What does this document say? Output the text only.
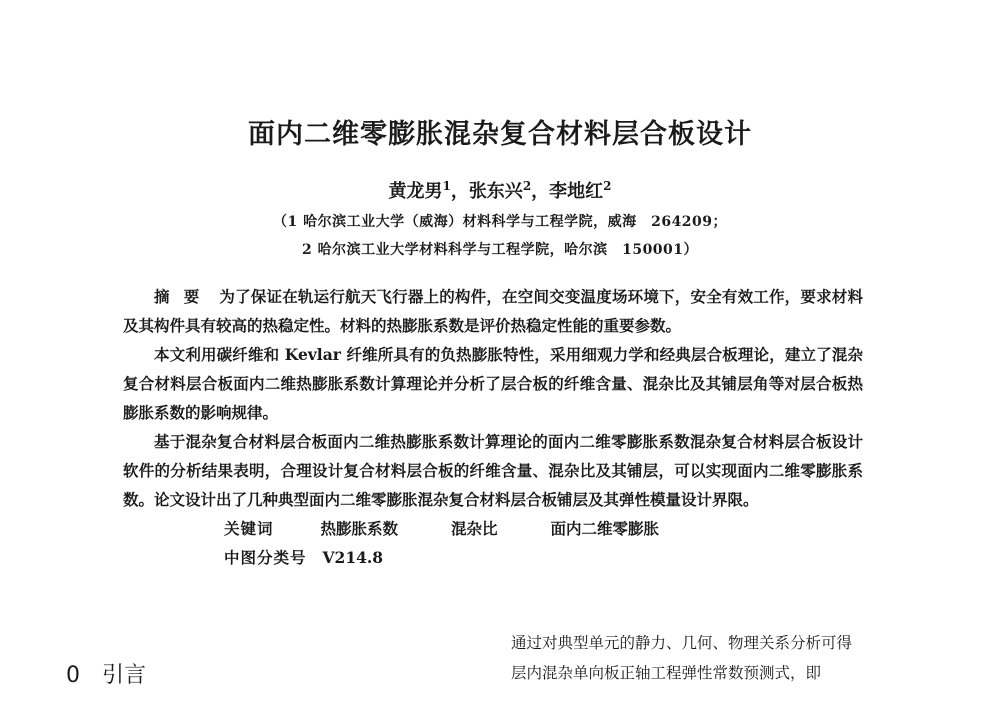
面内二维零膨胀混杂复合材料层合板设计
黄龙男$^1$，张东兴$^2$，李地红$^2$
（1 哈尔滨工业大学（威海）材料科学与工程学院，威海　264209；
2 哈尔滨工业大学材料科学与工程学院，哈尔滨　150001）

摘要 为了保证在轨运行航天飞行器上的构件，在空间交变温度场环境下，安全有效工作，要求材料及其构件具有较高的热稳定性。材料的热膨胀系数是评价热稳定性能的重要参数。

本文利用碳纤维和 Kevlar 纤维所具有的负热膨胀特性，采用细观力学和经典层合板理论，建立了混杂复合材料层合板面内二维热膨胀系数计算理论并分析了层合板的纤维含量、混杂比及其铺层角等对层合板热膨胀系数的影响规律。

基于混杂复合材料层合板面内二维热膨胀系数计算理论的面内二维零膨胀系数混杂复合材料层合板设计软件的分析结果表明，合理设计复合材料层合板的纤维含量、混杂比及其铺层，可以实现面内二维零膨胀系数。论文设计出了几种典型面内二维零膨胀混杂复合材料层合板铺层及其弹性模量设计界限。

关键词	热膨胀系数	混杂比	面内二维零膨胀

中图分类号 V214.8

0 引言
通过对典型单元的静力、几何、物理关系分析可得
层内混杂单向板正轴工程弹性常数预测式，即
